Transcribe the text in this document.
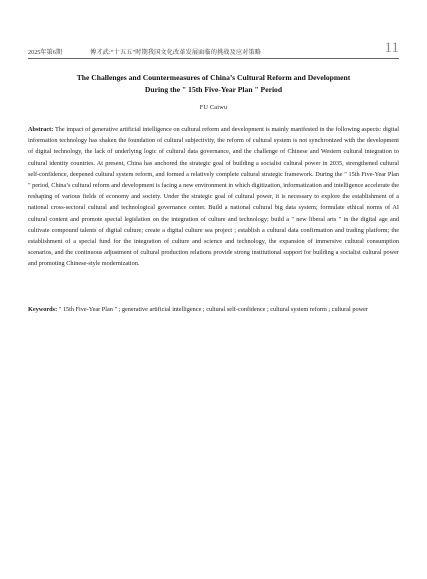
2025年第6期	傅才武:“十五五”时期我国文化改革发展面临的挑战及应对策略	11
The Challenges and Countermeasures of China’s Cultural Reform and Development
During the " 15th Five-Year Plan " Period
FU Caiwu

Abstract: The impact of generative artificial intelligence on cultural reform and development is mainly manifested in the following aspects: digital information technology has shaken the foundation of cultural subjectivity, the reform of cultural system is not synchronized with the development of digital technology, the lack of underlying logic of cultural data governance, and the challenge of Chinese and Western cultural integration to cultural identity countries. At present, China has anchored the strategic goal of building a socialist cultural power in 2035, strengthened cultural self-confidence, deepened cultural system reform, and formed a relatively complete cultural strategic framework. During the " 15th Five-Year Plan " period, China’s cultural reform and development is facing a new environment in which digitization, informatization and intelligence accelerate the reshaping of various fields of economy and society. Under the strategic goal of cultural power, it is necessary to explore the establishment of a national cross-sectoral cultural and technological governance center. Build a national cultural big data system; formulate ethical norms of AI cultural content and promote special legislation on the integration of culture and technology; build a " new liberal arts " in the digital age and cultivate compound talents of digital culture; create a digital culture sea project ; establish a cultural data confirmation and trading platform; the establishment of a special fund for the integration of culture and science and technology, the expansion of immersive cultural consumption scenarios, and the continuous adjustment of cultural production relations provide strong institutional support for building a socialist cultural power and promoting Chinese-style modernization.

Keywords: " 15th Five-Year Plan " ; generative artificial intelligence ; cultural self-confidence ; cultural system reform ; cultural power
